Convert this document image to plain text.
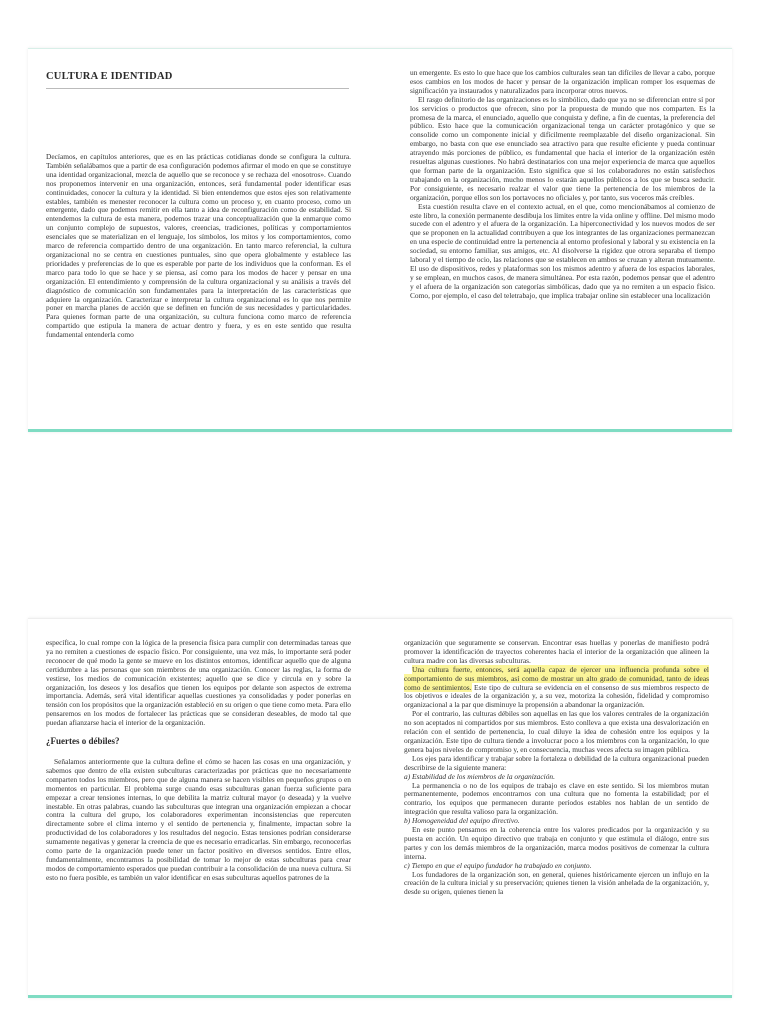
CULTURA E IDENTIDAD

Decíamos, en capítulos anteriores, que es en las prácticas cotidianas donde se configura la cultura. También señalábamos que a partir de esa configuración podemos afirmar el modo en que se constituye una identidad organizacional, mezcla de aquello que se reconoce y se rechaza del «nosotros». Cuando nos proponemos intervenir en una organización, entonces, será fundamental poder identificar esas continuidades, conocer la cultura y la identidad. Si bien entendemos que estos ejes son relativamente estables, también es menester reconocer la cultura como un proceso y, en cuanto proceso, como un emergente, dado que podemos remitir en ella tanto a idea de reconfiguración como de estabilidad. Si entendemos la cultura de esta manera, podemos trazar una conceptualización que la enmarque como un conjunto complejo de supuestos, valores, creencias, tradiciones, políticas y comportamientos esenciales que se materializan en el lenguaje, los símbolos, los mitos y los comportamientos, como marco de referencia compartido dentro de una organización. En tanto marco referencial, la cultura organizacional no se centra en cuestiones puntuales, sino que opera globalmente y establece las prioridades y preferencias de lo que es esperable por parte de los individuos que la conforman. Es el marco para todo lo que se hace y se piensa, así como para los modos de hacer y pensar en una organización. El entendimiento y comprensión de la cultura organizacional y su análisis a través del diagnóstico de comunicación son fundamentales para la interpretación de las características que adquiere la organización. Caracterizar e interpretar la cultura organizacional es lo que nos permite poner en marcha planes de acción que se definen en función de sus necesidades y particularidades. Para quienes forman parte de una organización, su cultura funciona como marco de referencia compartido que estipula la manera de actuar dentro y fuera, y es en este sentido que resulta fundamental entenderla como

un emergente. Es esto lo que hace que los cambios culturales sean tan difíciles de llevar a cabo, porque esos cambios en los modos de hacer y pensar de la organización implican romper los esquemas de significación ya instaurados y naturalizados para incorporar otros nuevos.

El rasgo definitorio de las organizaciones es lo simbólico, dado que ya no se diferencian entre sí por los servicios o productos que ofrecen, sino por la propuesta de mundo que nos comparten. Es la promesa de la marca, el enunciado, aquello que conquista y define, a fin de cuentas, la preferencia del público. Esto hace que la comunicación organizacional tenga un carácter protagónico y que se consolide como un componente inicial y difícilmente reemplazable del diseño organizacional. Sin embargo, no basta con que ese enunciado sea atractivo para que resulte eficiente y pueda continuar atrayendo más porciones de público, es fundamental que hacia el interior de la organización estén resueltas algunas cuestiones. No habrá destinatarios con una mejor experiencia de marca que aquellos que forman parte de la organización. Esto significa que si los colaboradores no están satisfechos trabajando en la organización, mucho menos lo estarán aquellos públicos a los que se busca seducir. Por consiguiente, es necesario realzar el valor que tiene la pertenencia de los miembros de la organización, porque ellos son los portavoces no oficiales y, por tanto, sus voceros más creíbles.

Esta cuestión resulta clave en el contexto actual, en el que, como mencionábamos al comienzo de este libro, la conexión permanente desdibuja los límites entre la vida online y offline. Del mismo modo sucede con el adentro y el afuera de la organización. La hiperconectividad y los nuevos modos de ser que se proponen en la actualidad contribuyen a que los integrantes de las organizaciones permanezcan en una especie de continuidad entre la pertenencia al entorno profesional y laboral y su existencia en la sociedad, su entorno familiar, sus amigos, etc. Al disolverse la rigidez que otrora separaba el tiempo laboral y el tiempo de ocio, las relaciones que se establecen en ambos se cruzan y alteran mutuamente. El uso de dispositivos, redes y plataformas son los mismos adentro y afuera de los espacios laborales, y se emplean, en muchos casos, de manera simultánea. Por esta razón, podemos pensar que el adentro y el afuera de la organización son categorías simbólicas, dado que ya no remiten a un espacio físico. Como, por ejemplo, el caso del teletrabajo, que implica trabajar online sin establecer una localización

específica, lo cual rompe con la lógica de la presencia física para cumplir con determinadas tareas que ya no remiten a cuestiones de espacio físico. Por consiguiente, una vez más, lo importante será poder reconocer de qué modo la gente se mueve en los distintos entornos, identificar aquello que de alguna certidumbre a las personas que son miembros de una organización. Conocer las reglas, la forma de vestirse, los medios de comunicación existentes; aquello que se dice y circula en y sobre la organización, los deseos y los desafíos que tienen los equipos por delante son aspectos de extrema importancia. Además, será vital identificar aquellas cuestiones ya consolidadas y poder ponerlas en tensión con los propósitos que la organización estableció en su origen o que tiene como meta. Para ello pensaremos en los modos de fortalecer las prácticas que se consideran deseables, de modo tal que puedan afianzarse hacia el interior de la organización.

¿Fuertes o débiles?

Señalamos anteriormente que la cultura define el cómo se hacen las cosas en una organización, y sabemos que dentro de ella existen subculturas caracterizadas por prácticas que no necesariamente comparten todos los miembros, pero que de alguna manera se hacen visibles en pequeños grupos o en momentos en particular. El problema surge cuando esas subculturas ganan fuerza suficiente para empezar a crear tensiones internas, lo que debilita la matriz cultural mayor (o deseada) y la vuelve inestable. En otras palabras, cuando las subculturas que integran una organización empiezan a chocar contra la cultura del grupo, los colaboradores experimentan inconsistencias que repercuten directamente sobre el clima interno y el sentido de pertenencia y, finalmente, impactan sobre la productividad de los colaboradores y los resultados del negocio. Estas tensiones podrían considerarse sumamente negativas y generar la creencia de que es necesario erradicarlas. Sin embargo, reconocerlas como parte de la organización puede tener un factor positivo en diversos sentidos. Entre ellos, fundamentalmente, encontramos la posibilidad de tomar lo mejor de estas subculturas para crear modos de comportamiento esperados que puedan contribuir a la consolidación de una nueva cultura. Si esto no fuera posible, es también un valor identificar en esas subculturas aquellos patrones de la

organización que seguramente se conservan. Encontrar esas huellas y ponerlas de manifiesto podrá promover la identificación de trayectos coherentes hacia el interior de la organización que alineen la cultura madre con las diversas subculturas.

Una cultura fuerte, entonces, será aquella capaz de ejercer una influencia profunda sobre el comportamiento de sus miembros, así como de mostrar un alto grado de comunidad, tanto de ideas como de sentimientos. Este tipo de cultura se evidencia en el consenso de sus miembros respecto de los objetivos e ideales de la organización y, a su vez, motoriza la cohesión, fidelidad y compromiso organizacional a la par que disminuye la propensión a abandonar la organización.

Por el contrario, las culturas débiles son aquellas en las que los valores centrales de la organización no son aceptados ni compartidos por sus miembros. Esto conlleva a que exista una desvalorización en relación con el sentido de pertenencia, lo cual diluye la idea de cohesión entre los equipos y la organización. Este tipo de cultura tiende a involucrar poco a los miembros con la organización, lo que genera bajos niveles de compromiso y, en consecuencia, muchas veces afecta su imagen pública.

Los ejes para identificar y trabajar sobre la fortaleza o debilidad de la cultura organizacional pueden describirse de la siguiente manera:

a) Estabilidad de los miembros de la organización.

La permanencia o no de los equipos de trabajo es clave en este sentido. Si los miembros mutan permanentemente, podemos encontrarnos con una cultura que no fomenta la estabilidad; por el contrario, los equipos que permanecen durante períodos estables nos hablan de un sentido de integración que resulta valioso para la organización.

b) Homogeneidad del equipo directivo.

En este punto pensamos en la coherencia entre los valores predicados por la organización y su puesta en acción. Un equipo directivo que trabaja en conjunto y que estimula el diálogo, entre sus partes y con los demás miembros de la organización, marca modos positivos de comenzar la cultura interna.

c) Tiempo en que el equipo fundador ha trabajado en conjunto.

Los fundadores de la organización son, en general, quienes históricamente ejercen un influjo en la creación de la cultura inicial y su preservación; quienes tienen la visión anhelada de la organización, y, desde su origen, quienes tienen la
